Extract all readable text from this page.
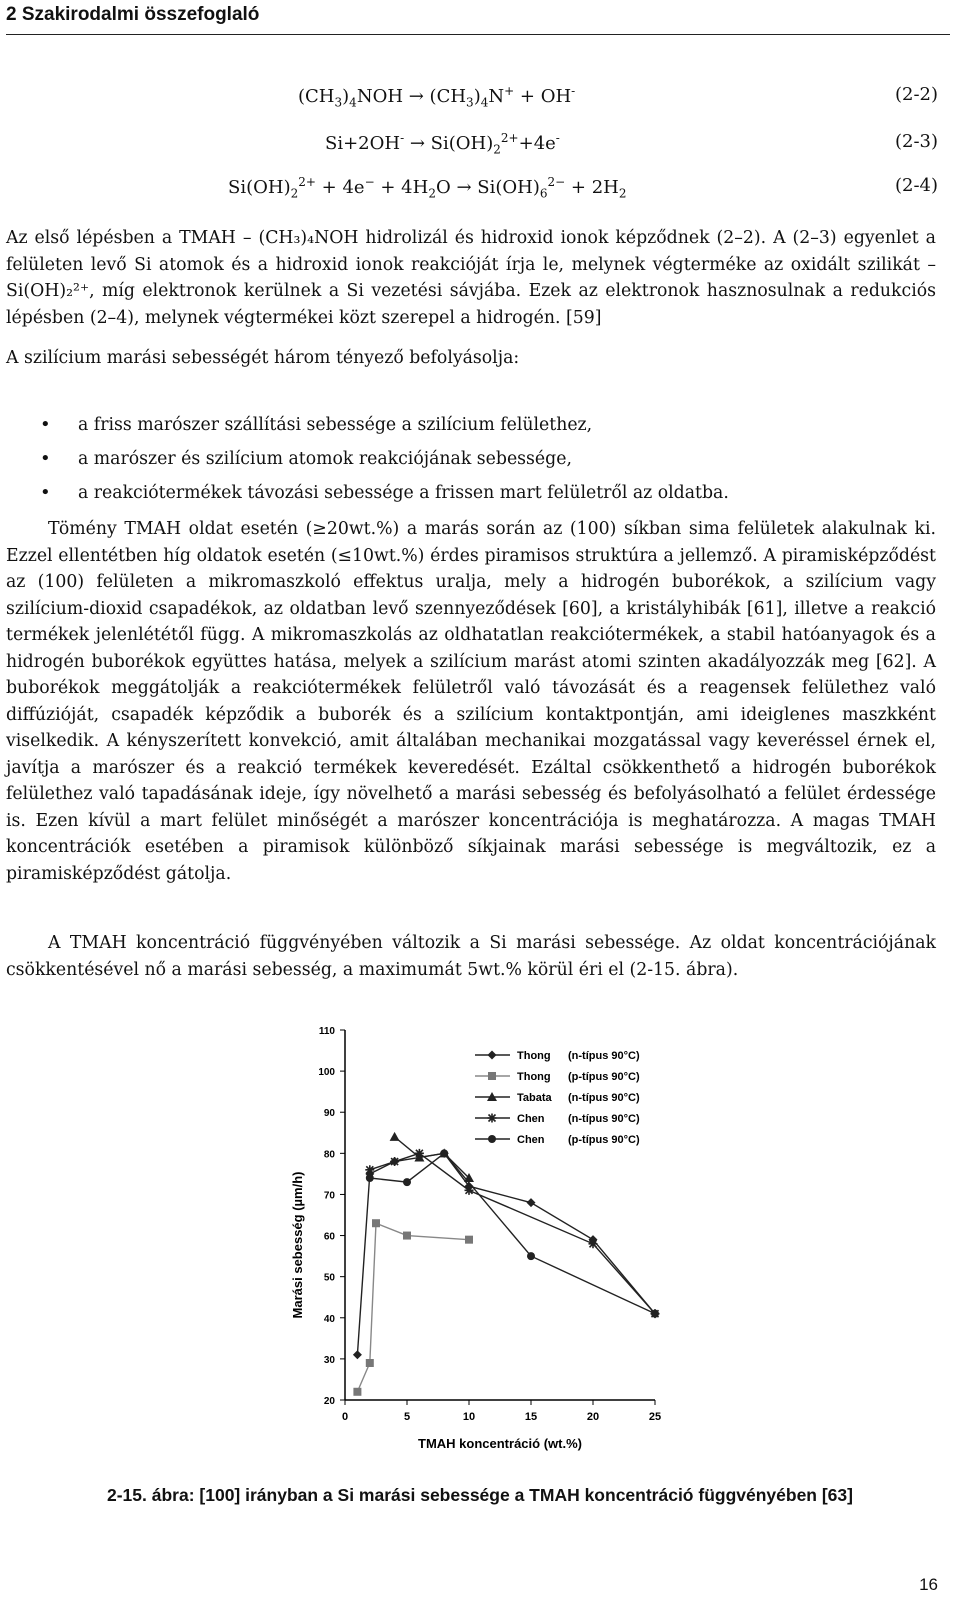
2 Szakirodalmi összefoglaló
$(CH_3)_4NOH \to (CH_3)_4N^+ + OH^-$	(2-2)
$Si+2OH^- \to Si(OH)_2^{2+}+4e^-$	(2-3)
$Si(OH)_2^{2+} + 4e^- + 4H_2O \to Si(OH)_6^{2-} + 2H_2$	(2-4)
Az első lépésben a TMAH – (CH₃)₄NOH hidrolizál és hidroxid ionok képződnek (2–2). A (2–3) egyenlet a felületen levő Si atomok és a hidroxid ionok reakcióját írja le, melynek végterméke az oxidált szilikát – Si(OH)₂²⁺, míg elektronok kerülnek a Si vezetési sávjába. Ezek az elektronok hasznosulnak a redukciós lépésben (2–4), melynek végtermékei közt szerepel a hidrogén. [59]
A szilícium marási sebességét három tényező befolyásolja:
• a friss marószer szállítási sebessége a szilícium felülethez,
• a marószer és szilícium atomok reakciójának sebessége,
• a reakciótermékek távozási sebessége a frissen mart felületről az oldatba.
Tömény TMAH oldat esetén (≥20wt.%) a marás során az (100) síkban sima felületek alakulnak ki. Ezzel ellentétben híg oldatok esetén (≤10wt.%) érdes piramisos struktúra a jellemző. A piramisképződést az (100) felületen a mikromaszkoló effektus uralja, mely a hidrogén buborékok, a szilícium vagy szilícium-dioxid csapadékok, az oldatban levő szennyeződések [60], a kristályhibák [61], illetve a reakció termékek jelenlététől függ. A mikromaszkolás az oldhatatlan reakciótermékek, a stabil hatóanyagok és a hidrogén buborékok együttes hatása, melyek a szilícium marást atomi szinten akadályozzák meg [62]. A buborékok meggátolják a reakciótermékek felületről való távozását és a reagensek felülethez való diffúzióját, csapadék képződik a buborék és a szilícium kontaktpontján, ami ideiglenes maszkként viselkedik. A kényszerített konvekció, amit általában mechanikai mozgatással vagy keveréssel érnek el, javítja a marószer és a reakció termékek keveredését. Ezáltal csökkenthető a hidrogén buborékok felülethez való tapadásának ideje, így növelhető a marási sebesség és befolyásolható a felület érdessége is. Ezen kívül a mart felület minőségét a marószer koncentrációja is meghatározza. A magas TMAH koncentrációk esetében a piramisok különböző síkjainak marási sebessége is megváltozik, ez a piramisképződést gátolja.
A TMAH koncentráció függvényében változik a Si marási sebessége. Az oldat koncentrációjának csökkentésével nő a marási sebesség, a maximumát 5wt.% körül éri el (2-15. ábra).
20
30
40
50
60
70
80
90
100
110
0	5	10	15	20	25
TMAH koncentráció (wt.%)
Marási sebesség (µm/h)
Thong (n-típus 90°C)
Thong (p-típus 90°C)
Tabata (n-típus 90°C)
Chen (n-típus 90°C)
Chen (p-típus 90°C)
2-15. ábra: [100] irányban a Si marási sebessége a TMAH koncentráció függvényében [63]
16
